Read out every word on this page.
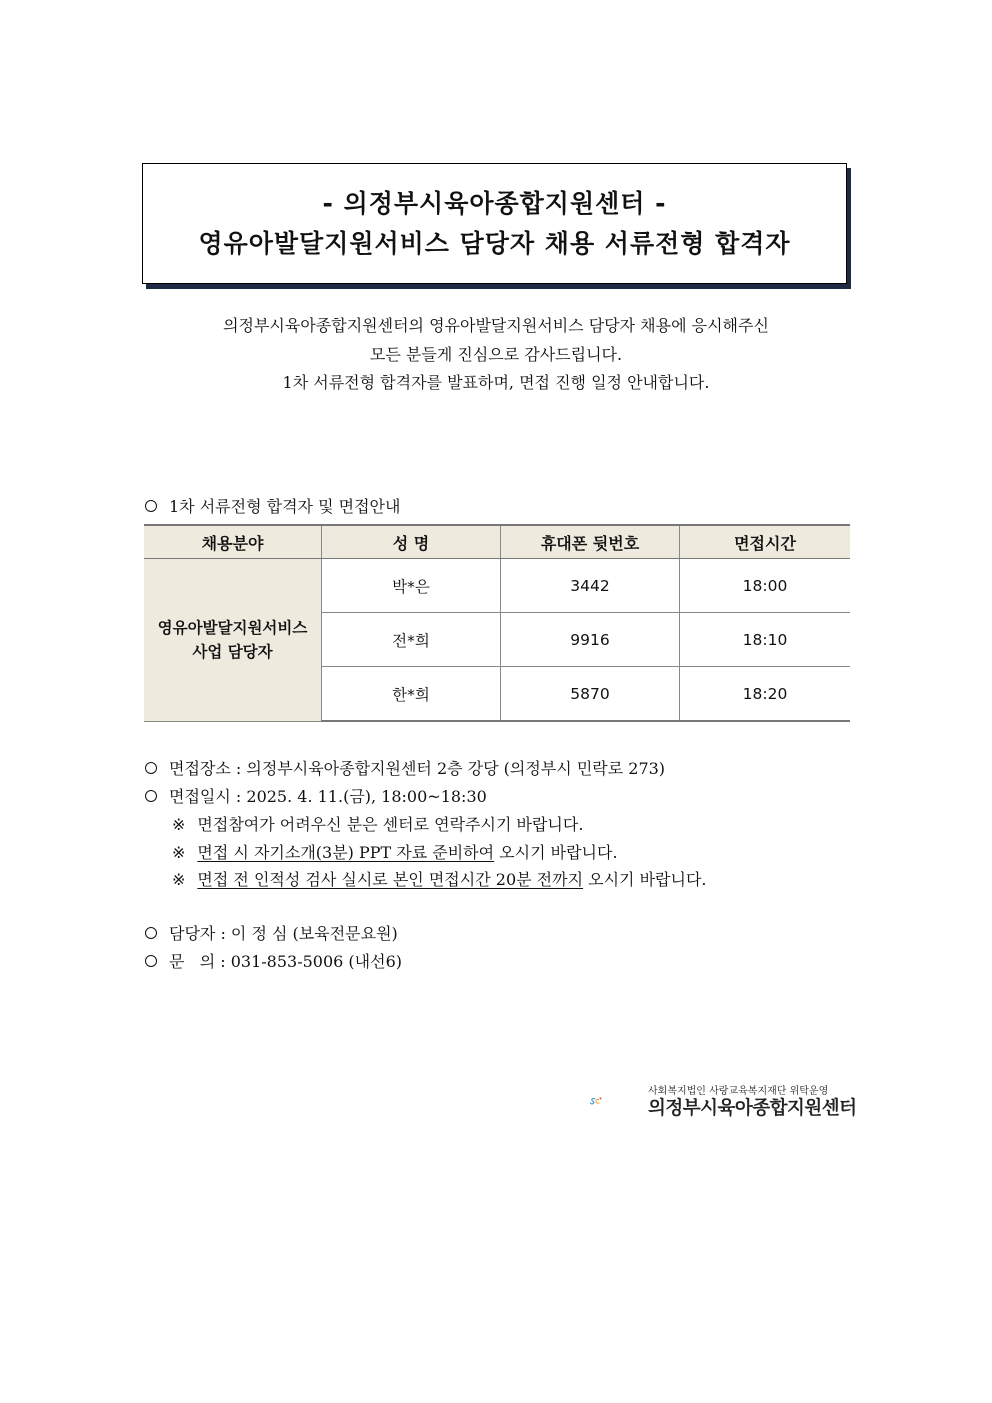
- 의정부시육아종합지원센터 -
영유아발달지원서비스 담당자 채용 서류전형 합격자
의정부시육아종합지원센터의 영유아발달지원서비스 담당자 채용에 응시해주신
모든 분들게 진심으로 감사드립니다.
1차 서류전형 합격자를 발표하며, 면접 진행 일정 안내합니다.
1차 서류전형 합격자 및 면접안내
채용분야	성 명	휴대폰 뒷번호	면접시간

영유아발달지원서비스
사업 담당자	박*은	3442	18:00
	전*희	9916	18:10
	한*희	5870	18:20
면접장소 : 의정부시육아종합지원센터 2층 강당 (의정부시 민락로 273)
면접일시 : 2025. 4. 11.(금), 18:00~18:30
※ 면접참여가 어려우신 분은 센터로 연락주시기 바랍니다.
※ 면접 시 자기소개(3분) PPT 자료 준비하여 오시기 바랍니다.
※ 면접 전 인적성 검사 실시로 본인 면접시간 20분 전까지 오시기 바랍니다.
담당자 : 이 정 심 (보육전문요원)
문   의 : 031-853-5006 (내선6)
사회복지법인 사랑교육복지재단 위탁운영
의정부시육아종합지원센터
